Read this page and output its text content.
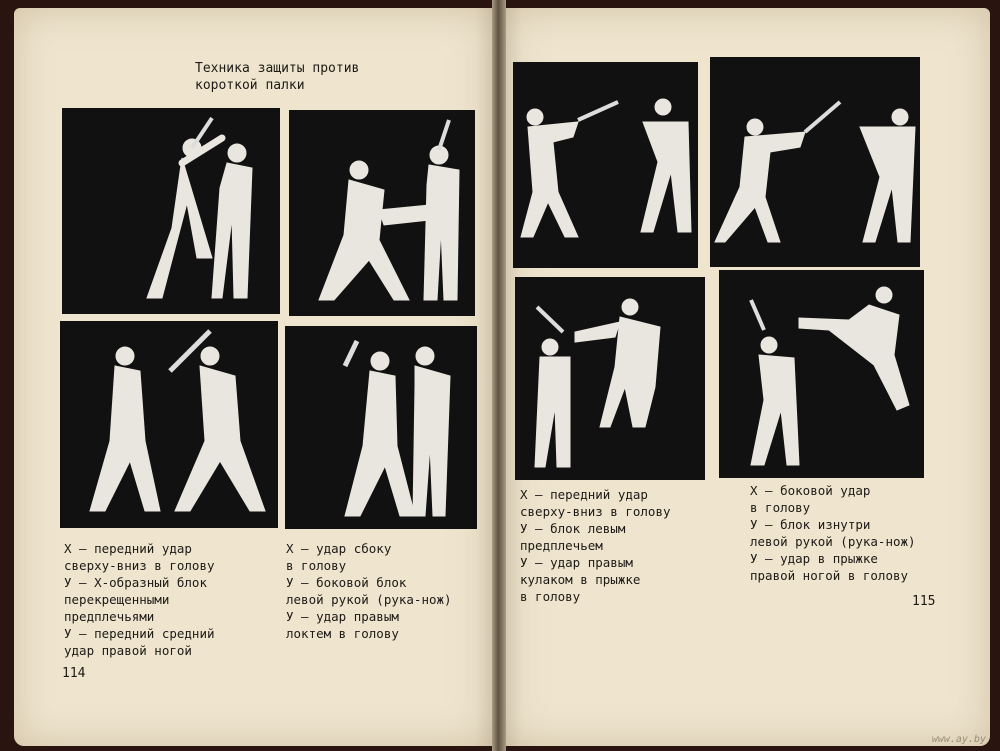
Техника защиты против
короткой палки
Х — передний удар
сверху-вниз в голову
У — Х-образный блок
перекрещенными
предплечьями
У — передний средний
удар правой ногой
Х — удар сбоку
в голову
У — боковой блок
левой рукой (рука-нож)
У — удар правым
локтем в голову
114
Х — передний удар
сверху-вниз в голову
У — блок левым
предплечьем
У — удар правым
кулаком в прыжке
в голову
Х — боковой удар
в голову
У — блок изнутри
левой рукой (рука-нож)
У — удар в прыжке
правой ногой в голову
115
www.ay.by
